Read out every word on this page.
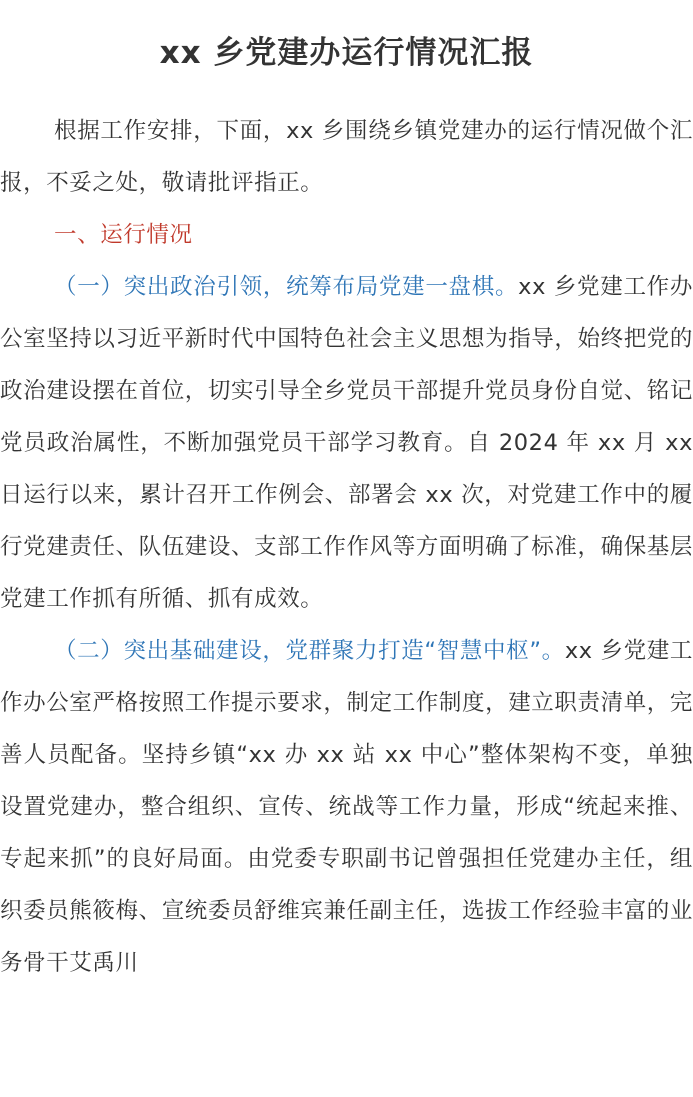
xx 乡党建办运行情况汇报

根据工作安排，下面，xx 乡围绕乡镇党建办的运行情况做个汇报，不妥之处，敬请批评指正。

一、运行情况

（一）突出政治引领，统筹布局党建一盘棋。xx 乡党建工作办公室坚持以习近平新时代中国特色社会主义思想为指导，始终把党的政治建设摆在首位，切实引导全乡党员干部提升党员身份自觉、铭记党员政治属性，不断加强党员干部学习教育。自 2024 年 xx 月 xx 日运行以来，累计召开工作例会、部署会 xx 次，对党建工作中的履行党建责任、队伍建设、支部工作作风等方面明确了标准，确保基层党建工作抓有所循、抓有成效。

（二）突出基础建设，党群聚力打造“智慧中枢”。xx 乡党建工作办公室严格按照工作提示要求，制定工作制度，建立职责清单，完善人员配备。坚持乡镇“xx 办 xx 站 xx 中心”整体架构不变，单独设置党建办，整合组织、宣传、统战等工作力量，形成“统起来推、专起来抓”的良好局面。由党委专职副书记曾强担任党建办主任，组织委员熊筱梅、宣统委员舒维宾兼任副主任，选拔工作经验丰富的业务骨干艾禹川
